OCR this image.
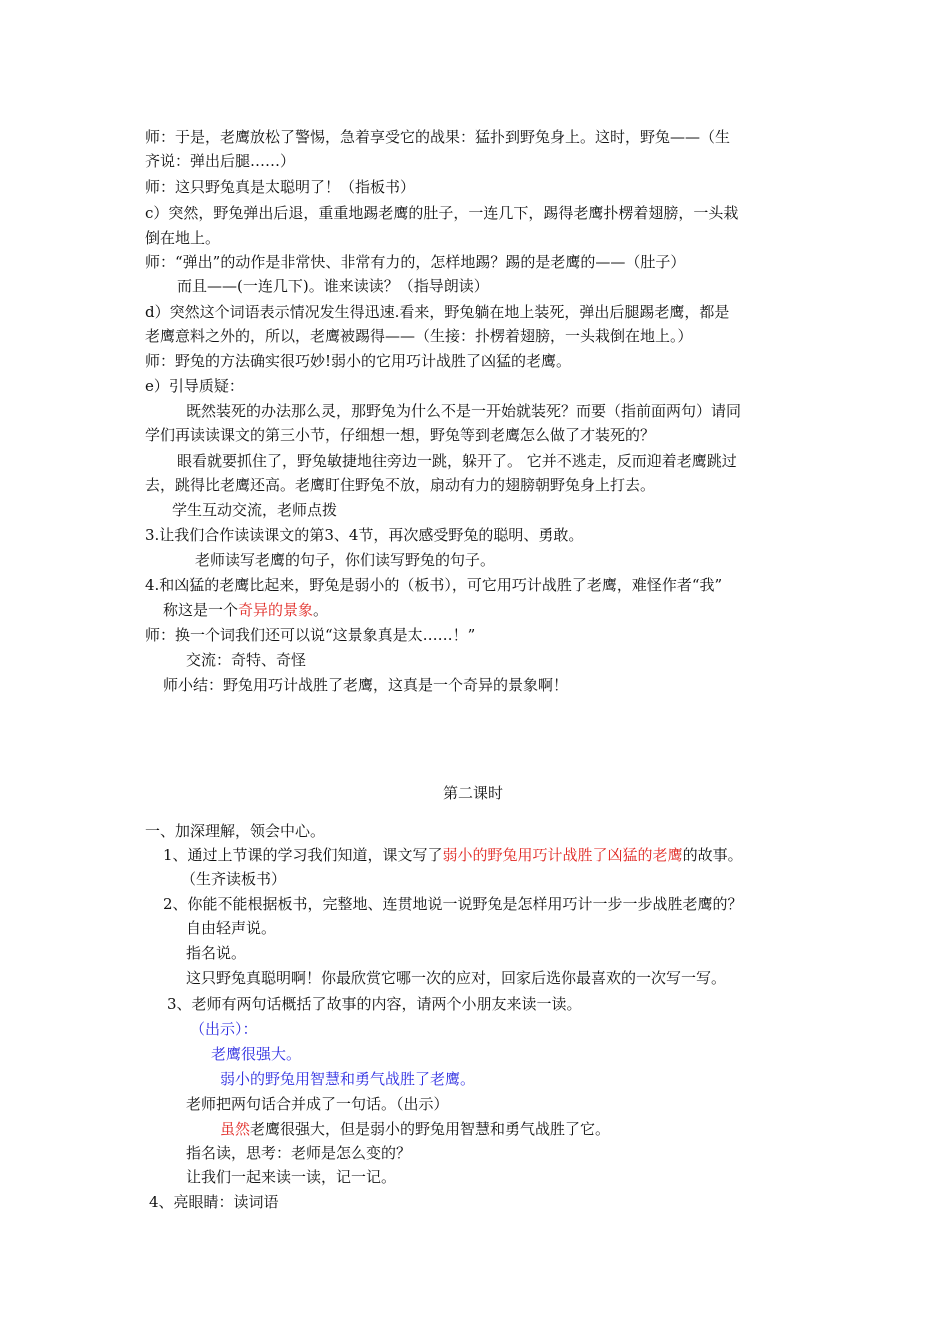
师：于是，老鹰放松了警惕，急着享受它的战果：猛扑到野兔身上。这时，野兔——（生
齐说：弹出后腿……）
师：这只野兔真是太聪明了！（指板书）
c）突然，野兔弹出后退，重重地踢老鹰的肚子，一连几下，踢得老鹰扑楞着翅膀，一头栽
倒在地上。
师：“弹出”的动作是非常快、非常有力的，怎样地踢？踢的是老鹰的——（肚子）
而且——(一连几下)。谁来读读？（指导朗读）
d）突然这个词语表示情况发生得迅速.看来，野兔躺在地上装死，弹出后腿踢老鹰，都是
老鹰意料之外的，所以，老鹰被踢得——（生接：扑楞着翅膀，一头栽倒在地上。）
师：野兔的方法确实很巧妙!弱小的它用巧计战胜了凶猛的老鹰。
e）引导质疑：
既然装死的办法那么灵，那野兔为什么不是一开始就装死？而要（指前面两句）请同
学们再读读课文的第三小节，仔细想一想，野兔等到老鹰怎么做了才装死的？
眼看就要抓住了，野兔敏捷地往旁边一跳，躲开了。 它并不逃走，反而迎着老鹰跳过
去，跳得比老鹰还高。老鹰盯住野兔不放，扇动有力的翅膀朝野兔身上打去。
学生互动交流，老师点拨
3.让我们合作读读课文的第3、4节，再次感受野兔的聪明、勇敢。
老师读写老鹰的句子，你们读写野兔的句子。
4.和凶猛的老鹰比起来，野兔是弱小的（板书），可它用巧计战胜了老鹰，难怪作者“我”
称这是一个奇异的景象。
师：换一个词我们还可以说“这景象真是太……！”
交流：奇特、奇怪
师小结：野兔用巧计战胜了老鹰，这真是一个奇异的景象啊！
第二课时
一、加深理解，领会中心。
1、通过上节课的学习我们知道，课文写了弱小的野兔用巧计战胜了凶猛的老鹰的故事。
（生齐读板书）
2、你能不能根据板书，完整地、连贯地说一说野兔是怎样用巧计一步一步战胜老鹰的？
自由轻声说。
指名说。
这只野兔真聪明啊！你最欣赏它哪一次的应对，回家后选你最喜欢的一次写一写。
3、老师有两句话概括了故事的内容，请两个小朋友来读一读。
（出示）：
老鹰很强大。
弱小的野兔用智慧和勇气战胜了老鹰。
老师把两句话合并成了一句话。（出示）
虽然老鹰很强大，但是弱小的野兔用智慧和勇气战胜了它。
指名读，思考：老师是怎么变的？
让我们一起来读一读，记一记。
4、亮眼睛：读词语
